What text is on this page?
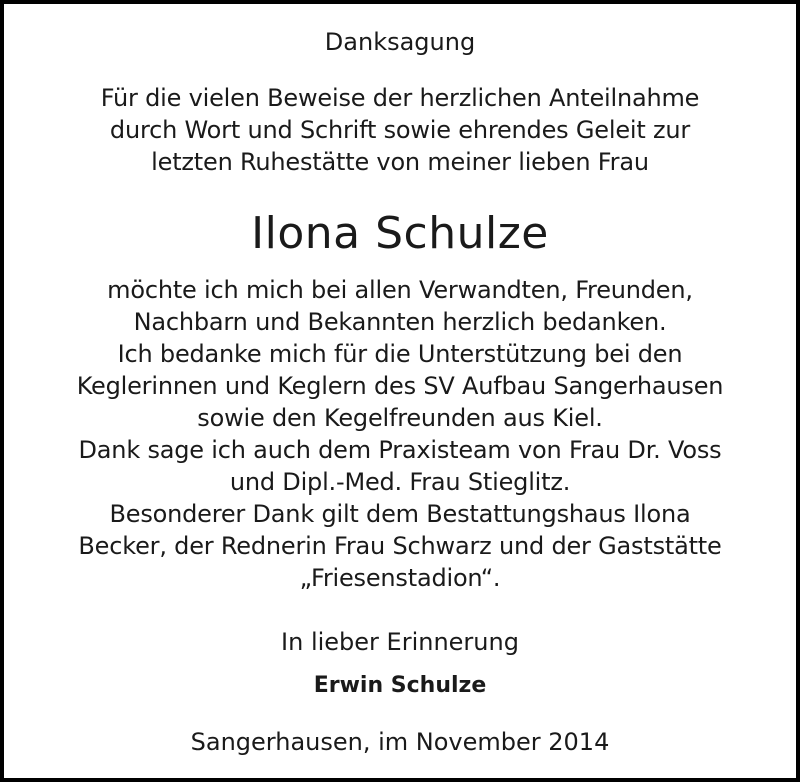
Danksagung
Für die vielen Beweise der herzlichen Anteilnahme
durch Wort und Schrift sowie ehrendes Geleit zur
letzten Ruhestätte von meiner lieben Frau
Ilona Schulze
möchte ich mich bei allen Verwandten, Freunden,
Nachbarn und Bekannten herzlich bedanken.
Ich bedanke mich für die Unterstützung bei den
Keglerinnen und Keglern des SV Aufbau Sangerhausen
sowie den Kegelfreunden aus Kiel.
Dank sage ich auch dem Praxisteam von Frau Dr. Voss
und Dipl.-Med. Frau Stieglitz.
Besonderer Dank gilt dem Bestattungshaus Ilona
Becker, der Rednerin Frau Schwarz und der Gaststätte
„Friesenstadion“.
In lieber Erinnerung
Erwin Schulze
Sangerhausen, im November 2014
